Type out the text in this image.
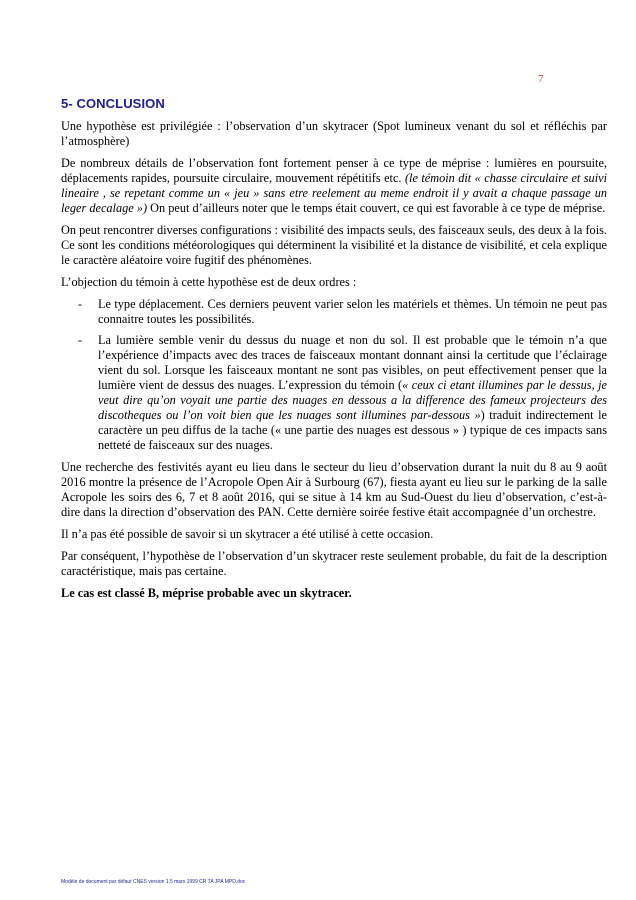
7
5- CONCLUSION

Une hypothèse est privilégiée : l’observation d’un skytracer (Spot lumineux venant du sol et réfléchis par l’atmosphère)

De nombreux détails de l’observation font fortement penser à ce type de méprise : lumières en poursuite, déplacements rapides, poursuite circulaire, mouvement répétitifs etc. (le témoin dit « chasse circulaire et suivi lineaire , se repetant comme un « jeu » sans etre reelement au meme endroit il y avait a chaque passage un leger decalage ») On peut d’ailleurs noter que le temps était couvert, ce qui est favorable à ce type de méprise.

On peut rencontrer diverses configurations : visibilité des impacts seuls, des faisceaux seuls, des deux à la fois. Ce sont les conditions météorologiques qui déterminent la visibilité et la distance de visibilité, et cela explique le caractère aléatoire voire fugitif des phénomènes.

L’objection du témoin à cette hypothèse est de deux ordres :

- Le type déplacement. Ces derniers peuvent varier selon les matériels et thèmes. Un témoin ne peut pas connaitre toutes les possibilités.
- La lumière semble venir du dessus du nuage et non du sol. Il est probable que le témoin n’a que l’expérience d’impacts avec des traces de faisceaux montant donnant ainsi la certitude que l’éclairage vient du sol. Lorsque les faisceaux montant ne sont pas visibles, on peut effectivement penser que la lumière vient de dessus des nuages. L’expression du témoin (« ceux ci etant illumines par le dessus, je veut dire qu’on voyait une partie des nuages en dessous a la difference des fameux projecteurs des discotheques ou l’on voit bien que les nuages sont illumines par-dessous ») traduit indirectement le caractère un peu diffus de la tache (« une partie des nuages est dessous » ) typique de ces impacts sans netteté de faisceaux sur des nuages.

Une recherche des festivités ayant eu lieu dans le secteur du lieu d’observation durant la nuit du 8 au 9 août 2016 montre la présence de l’Acropole Open Air à Surbourg (67), fiesta ayant eu lieu sur le parking de la salle Acropole les soirs des 6, 7 et 8 août 2016, qui se situe à 14 km au Sud-Ouest du lieu d’observation, c’est-à-dire dans la direction d’observation des PAN. Cette dernière soirée festive était accompagnée d’un orchestre.

Il n’a pas été possible de savoir si un skytracer a été utilisé à cette occasion.

Par conséquent, l’hypothèse de l’observation d’un skytracer reste seulement probable, du fait de la description caractéristique, mais pas certaine.

Le cas est classé B, méprise probable avec un skytracer.

Modèle de document par défaut CNES version 1.5 mars 1999 CR TA JPA MPD.doc
